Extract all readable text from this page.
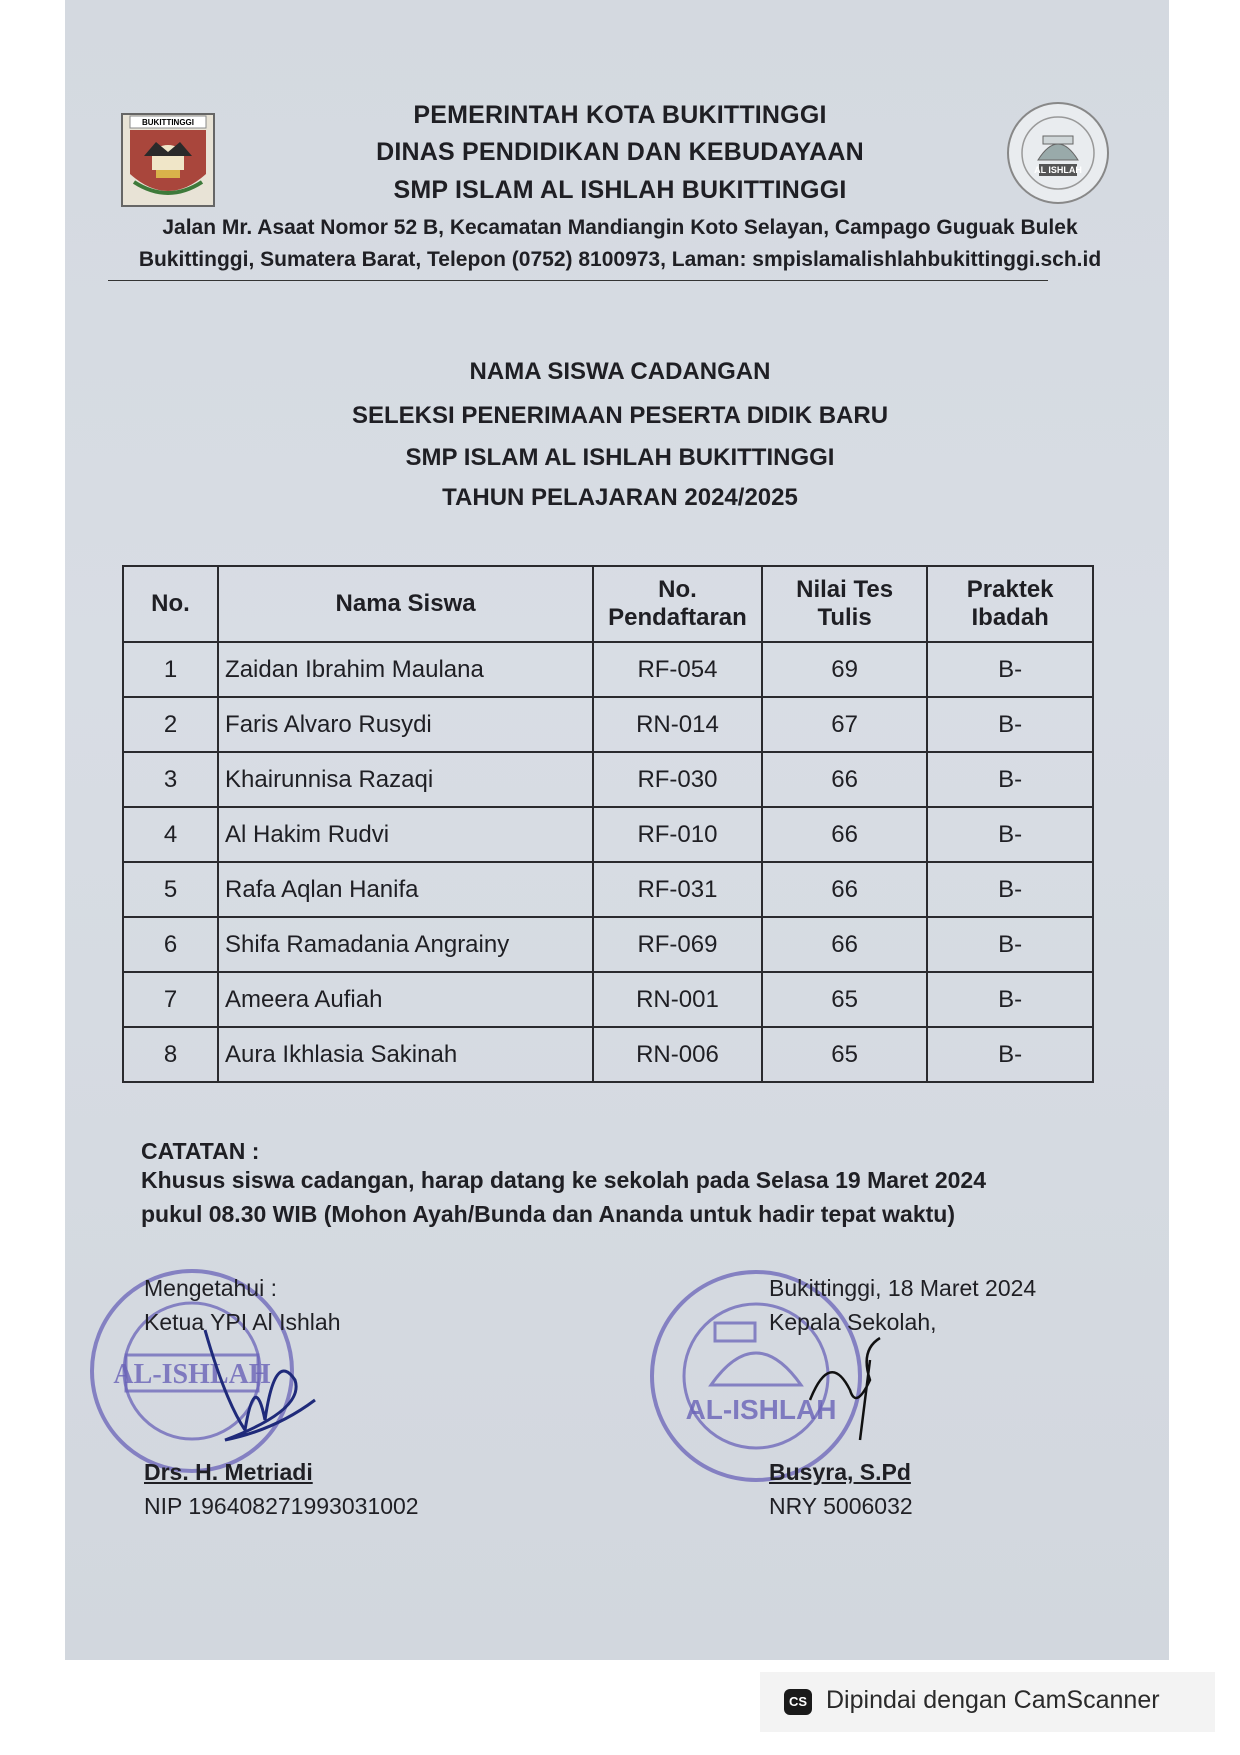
BUKITTINGGI
AL ISHLAH
PEMERINTAH KOTA BUKITTINGGI
DINAS PENDIDIKAN DAN KEBUDAYAAN
SMP ISLAM AL ISHLAH BUKITTINGGI
Jalan Mr. Asaat Nomor 52 B, Kecamatan Mandiangin Koto Selayan, Campago Guguak Bulek
Bukittinggi, Sumatera Barat, Telepon (0752) 8100973, Laman: smpislamalishlahbukittinggi.sch.id
NAMA SISWA CADANGAN
SELEKSI PENERIMAAN PESERTA DIDIK BARU
SMP ISLAM AL ISHLAH BUKITTINGGI
TAHUN PELAJARAN 2024/2025
No.	Nama Siswa	No. Pendaftaran	Nilai Tes Tulis	Praktek Ibadah
1	Zaidan Ibrahim Maulana	RF-054	69	B-
2	Faris Alvaro Rusydi	RN-014	67	B-
3	Khairunnisa Razaqi	RF-030	66	B-
4	Al Hakim Rudvi	RF-010	66	B-
5	Rafa Aqlan Hanifa	RF-031	66	B-
6	Shifa Ramadania Angrainy	RF-069	66	B-
7	Ameera Aufiah	RN-001	65	B-
8	Aura Ikhlasia Sakinah	RN-006	65	B-
CATATAN :
Khusus siswa cadangan, harap datang ke sekolah pada Selasa 19 Maret 2024
pukul 08.30 WIB (Mohon Ayah/Bunda dan Ananda untuk hadir tepat waktu)
AL-ISHLAH
AL-ISHLAH
Mengetahui :
Ketua YPI Al Ishlah
Drs. H. Metriadi
NIP 196408271993031002
Bukittinggi, 18 Maret 2024
Kepala Sekolah,
Busyra, S.Pd
NRY 5006032
CS Dipindai dengan CamScanner
